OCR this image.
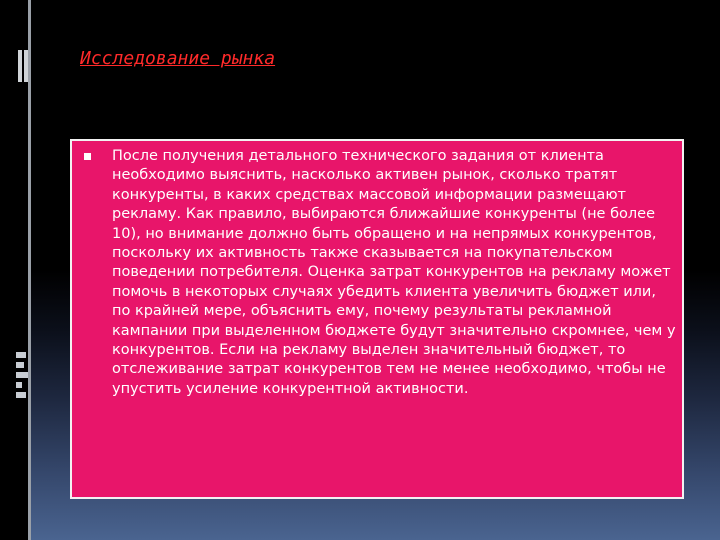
Исследование рынка
После получения детального технического задания от клиента необходимо выяснить, насколько активен рынок, сколько тратят конкуренты, в каких средствах массовой информации размещают рекламу. Как правило, выбираются ближайшие конкуренты (не более 10), но внимание должно быть обращено и на непрямых конкурентов, поскольку их активность также сказывается на покупательском поведении потребителя. Оценка затрат конкурентов на рекламу может помочь в некоторых случаях убедить клиента увеличить бюджет или, по крайней мере, объяснить ему, почему результаты рекламной кампании при выделенном бюджете будут значительно скромнее, чем у конкурентов. Если на рекламу выделен значительный бюджет, то отслеживание затрат конкурентов тем не менее необходимо, чтобы не упустить усиление конкурентной активности.
